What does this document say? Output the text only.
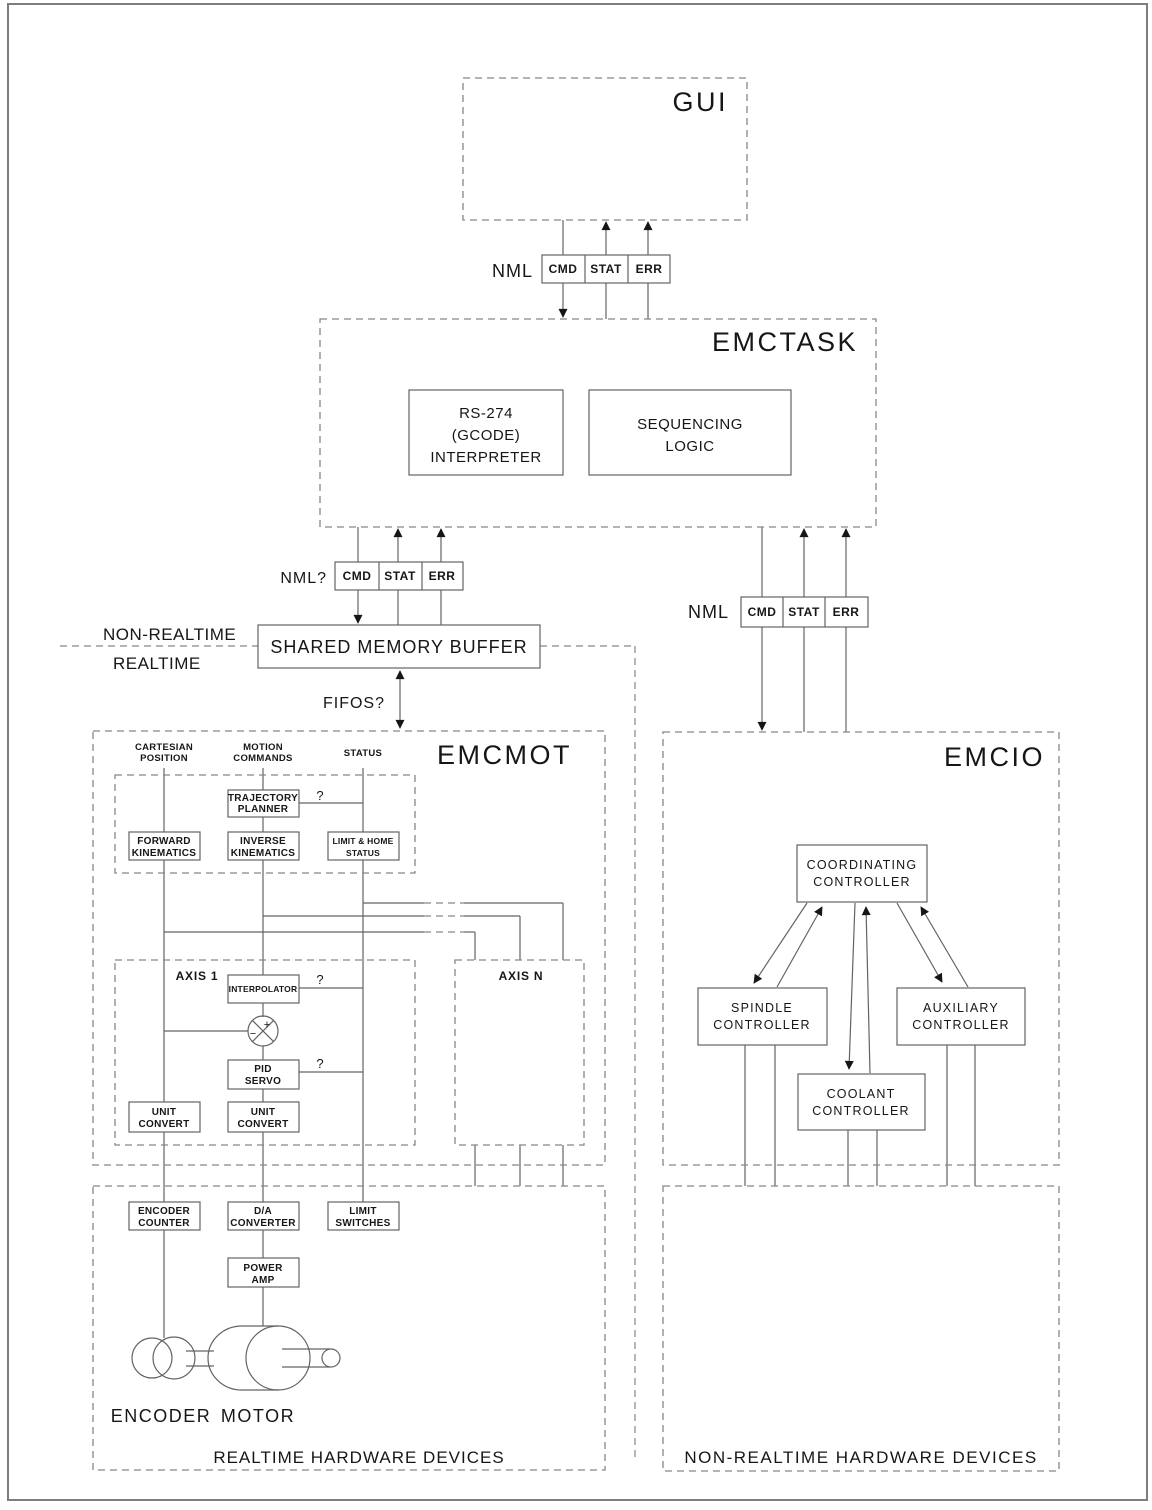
NON-REALTIME
REALTIME
GUI
NML CMD STAT ERR
EMCTASK
RS-274
(GCODE)
INTERPRETER
SEQUENCING
LOGIC
NML? CMD STAT ERR
NML CMD STAT ERR
SHARED MEMORY BUFFER
FIFOS?
EMCMOT
CARTESIAN
POSITION
MOTION
COMMANDS	STATUS
TRAJECTORY
PLANNER
?
FORWARD
KINEMATICS
INVERSE
KINEMATICS
LIMIT & HOME
STATUS
AXIS 1
INTERPOLATOR
?
+
−
PID
SERVO
?
UNIT
CONVERT
UNIT
CONVERT
AXIS N
EMCIO
COORDINATING
CONTROLLER
SPINDLE
CONTROLLER
AUXILIARY
CONTROLLER
COOLANT
CONTROLLER
REALTIME HARDWARE DEVICES
ENCODER
COUNTER
D/A
CONVERTER
LIMIT
SWITCHES
POWER
AMP
ENCODER MOTOR
NON-REALTIME HARDWARE DEVICES
